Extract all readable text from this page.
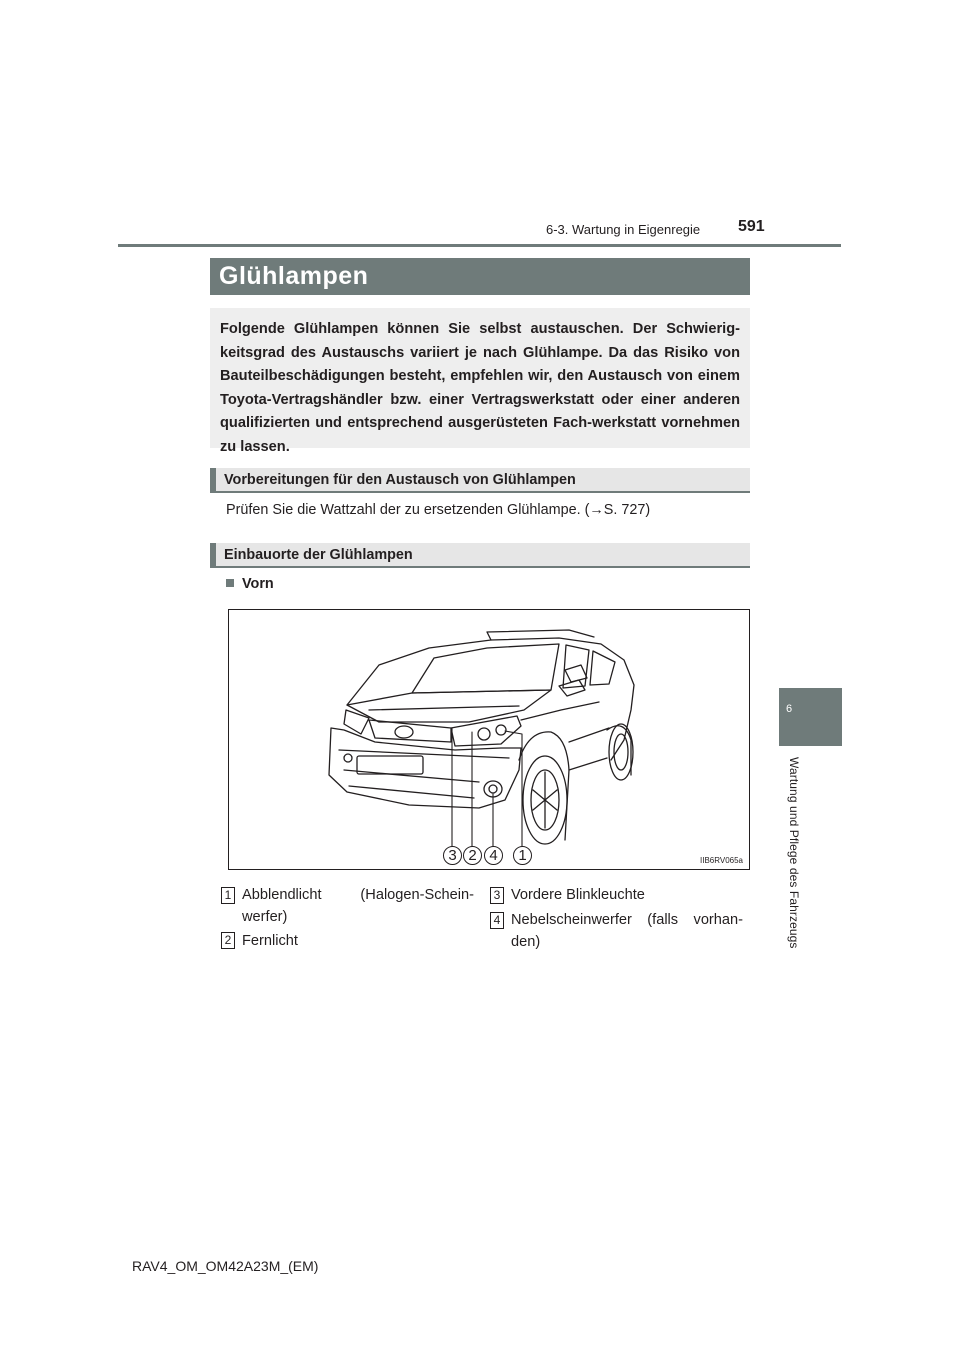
6-3. Wartung in Eigenregie 591
6
Wartung und Pflege des Fahrzeugs
Glühlampen
Folgende Glühlampen können Sie selbst austauschen. Der Schwierig-keitsgrad des Austauschs variiert je nach Glühlampe. Da das Risiko von Bauteilbeschädigungen besteht, empfehlen wir, den Austausch von einem Toyota-Vertragshändler bzw. einer Vertragswerkstatt oder einer anderen qualifizierten und entsprechend ausgerüsteten Fach-werkstatt vornehmen zu lassen.
Vorbereitungen für den Austausch von Glühlampen
Prüfen Sie die Wattzahl der zu ersetzenden Glühlampe. (→S. 727)
Einbauorte der Glühlampen
Vorn
3 2 4	1	IIB6RV065a
1 Abblendlicht (Halogen-Schein-werfer)
2 Fernlicht
3 Vordere Blinkleuchte
4 Nebelscheinwerfer (falls vorhan-den)
RAV4_OM_OM42A23M_(EM)
